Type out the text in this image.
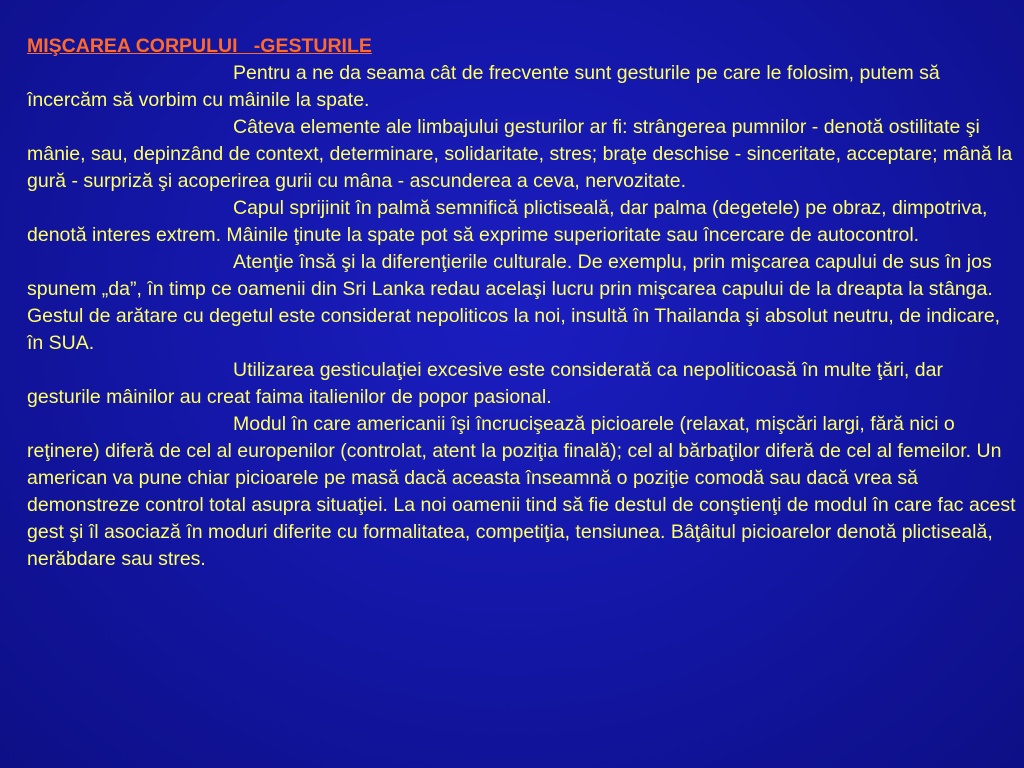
MIŞCAREA CORPULUI   -GESTURILE

Pentru a ne da seama cât de frecvente sunt gesturile pe care le folosim, putem să încercăm să vorbim cu mâinile la spate.

Câteva elemente ale limbajului gesturilor ar fi: strângerea pumnilor - denotă ostilitate şi mânie, sau, depinzând de context, determinare, solidaritate, stres; braţe deschise - sinceritate, acceptare; mână la gură - surpriză şi acoperirea gurii cu mâna - ascunderea a ceva, nervozitate.

Capul sprijinit în palmă semnifică plictiseală, dar palma (degetele) pe obraz, dimpotriva, denotă interes extrem. Mâinile ţinute la spate pot să exprime superioritate sau încercare de autocontrol.

Atenţie însă şi la diferenţierile culturale. De exemplu, prin mişcarea capului de sus în jos spunem „da”, în timp ce oamenii din Sri Lanka redau acelaşi lucru prin mişcarea capului de la dreapta la stânga. Gestul de arătare cu degetul este considerat nepoliticos la noi, insultă în Thailanda şi absolut neutru, de indicare, în SUA.

Utilizarea gesticulaţiei excesive este considerată ca nepoliticoasă în multe ţări, dar gesturile mâinilor au creat faima italienilor de popor pasional.

Modul în care americanii îşi încrucişează picioarele (relaxat, mişcări largi, fără nici o reţinere) diferă de cel al europenilor (controlat, atent la poziţia finală); cel al bărbaţilor diferă de cel al femeilor. Un american va pune chiar picioarele pe masă dacă aceasta înseamnă o poziţie comodă sau dacă vrea să demonstreze control total asupra situaţiei. La noi oamenii tind să fie destul de conştienţi de modul în care fac acest gest şi îl asociază în moduri diferite cu formalitatea, competiţia, tensiunea. Bâţâitul picioarelor denotă plictiseală, nerăbdare sau stres.
